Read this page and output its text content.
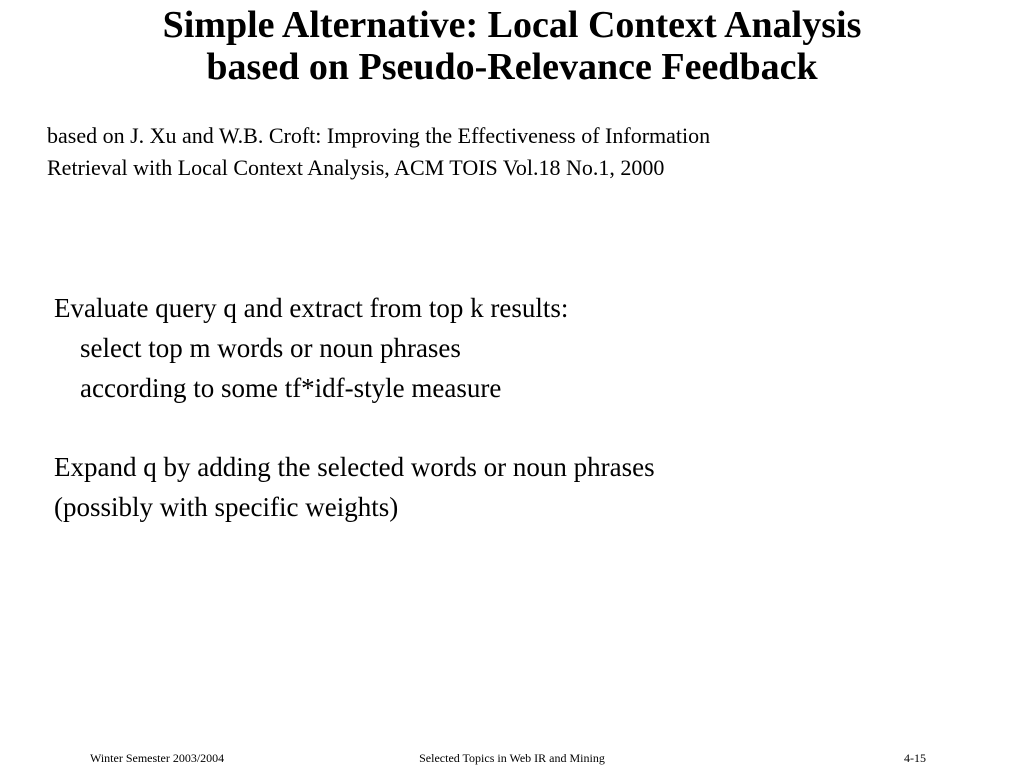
Simple Alternative: Local Context Analysis
based on Pseudo-Relevance Feedback
based on J. Xu and W.B. Croft: Improving the Effectiveness of Information
Retrieval with Local Context Analysis, ACM TOIS Vol.18 No.1, 2000
Evaluate query q and extract from top k results:
select top m words or noun phrases
according to some tf*idf-style measure
Expand q by adding the selected words or noun phrases
(possibly with specific weights)
Winter Semester 2003/2004	Selected Topics in Web IR and Mining	4-15
